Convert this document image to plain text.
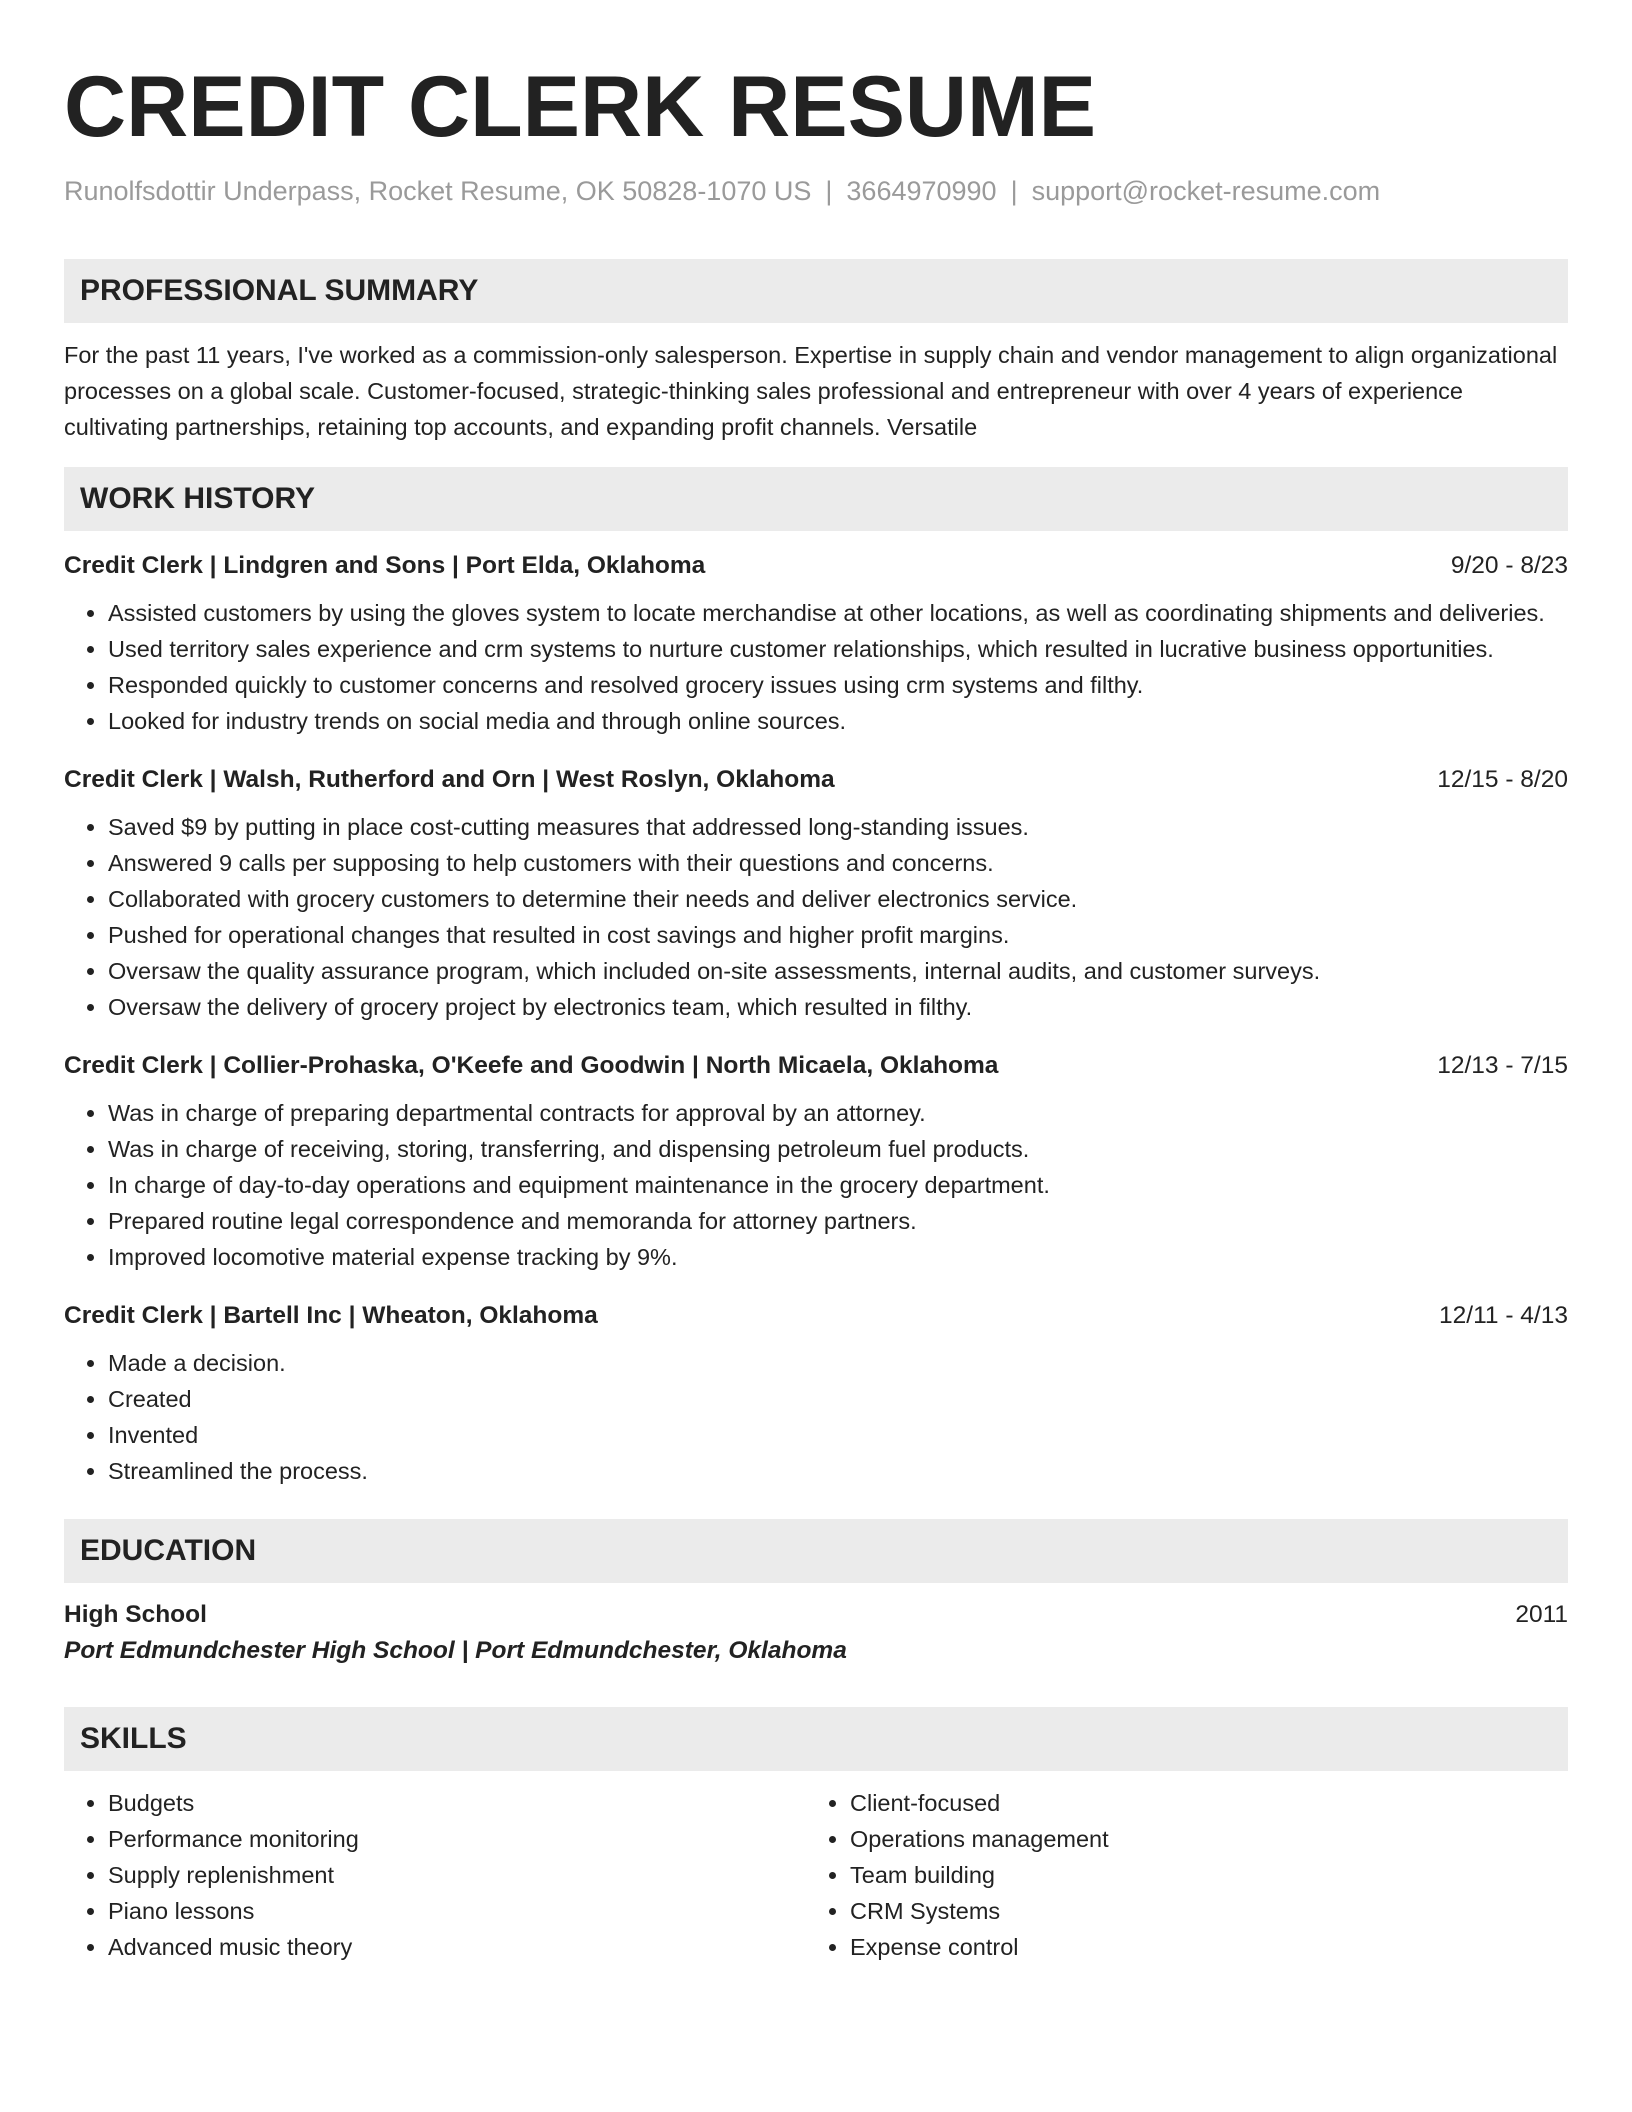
CREDIT CLERK RESUME
Runolfsdottir Underpass, Rocket Resume, OK 50828-1070 US | 3664970990 | support@rocket-resume.com
PROFESSIONAL SUMMARY
For the past 11 years, I've worked as a commission-only salesperson. Expertise in supply chain and vendor management to align organizational processes on a global scale. Customer-focused, strategic-thinking sales professional and entrepreneur with over 4 years of experience cultivating partnerships, retaining top accounts, and expanding profit channels. Versatile
WORK HISTORY
Credit Clerk | Lindgren and Sons | Port Elda, Oklahoma	9/20 - 8/23
• Assisted customers by using the gloves system to locate merchandise at other locations, as well as coordinating shipments and deliveries.
• Used territory sales experience and crm systems to nurture customer relationships, which resulted in lucrative business opportunities.
• Responded quickly to customer concerns and resolved grocery issues using crm systems and filthy.
• Looked for industry trends on social media and through online sources.
Credit Clerk | Walsh, Rutherford and Orn | West Roslyn, Oklahoma	12/15 - 8/20
• Saved $9 by putting in place cost-cutting measures that addressed long-standing issues.
• Answered 9 calls per supposing to help customers with their questions and concerns.
• Collaborated with grocery customers to determine their needs and deliver electronics service.
• Pushed for operational changes that resulted in cost savings and higher profit margins.
• Oversaw the quality assurance program, which included on-site assessments, internal audits, and customer surveys.
• Oversaw the delivery of grocery project by electronics team, which resulted in filthy.
Credit Clerk | Collier-Prohaska, O'Keefe and Goodwin | North Micaela, Oklahoma	12/13 - 7/15
• Was in charge of preparing departmental contracts for approval by an attorney.
• Was in charge of receiving, storing, transferring, and dispensing petroleum fuel products.
• In charge of day-to-day operations and equipment maintenance in the grocery department.
• Prepared routine legal correspondence and memoranda for attorney partners.
• Improved locomotive material expense tracking by 9%.
Credit Clerk | Bartell Inc | Wheaton, Oklahoma	12/11 - 4/13
• Made a decision.
• Created
• Invented
• Streamlined the process.
EDUCATION
High School	2011
Port Edmundchester High School | Port Edmundchester, Oklahoma
SKILLS
• Budgets
• Performance monitoring
• Supply replenishment
• Piano lessons
• Advanced music theory
• Client-focused
• Operations management
• Team building
• CRM Systems
• Expense control
